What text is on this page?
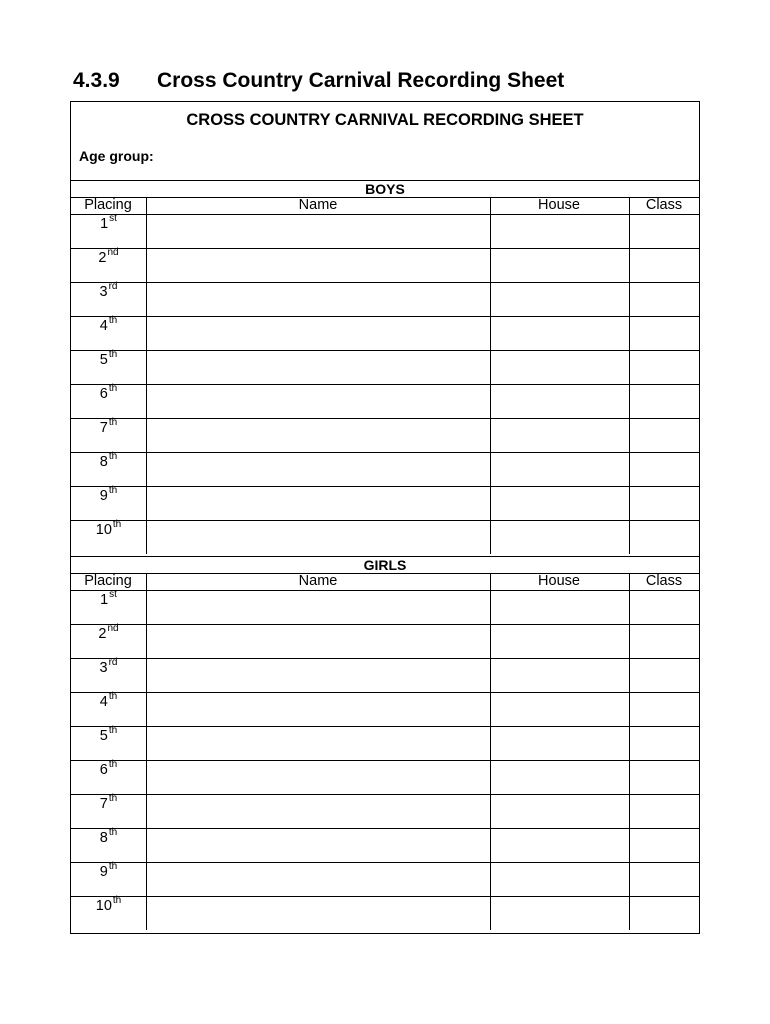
4.3.9 Cross Country Carnival Recording Sheet
CROSS COUNTRY CARNIVAL RECORDING SHEET
Age group:
BOYS
Placing	Name	House	Class
1st
2nd
3rd
4th
5th
6th
7th
8th
9th
10th
GIRLS
Placing	Name	House	Class
1st
2nd
3rd
4th
5th
6th
7th
8th
9th
10th
